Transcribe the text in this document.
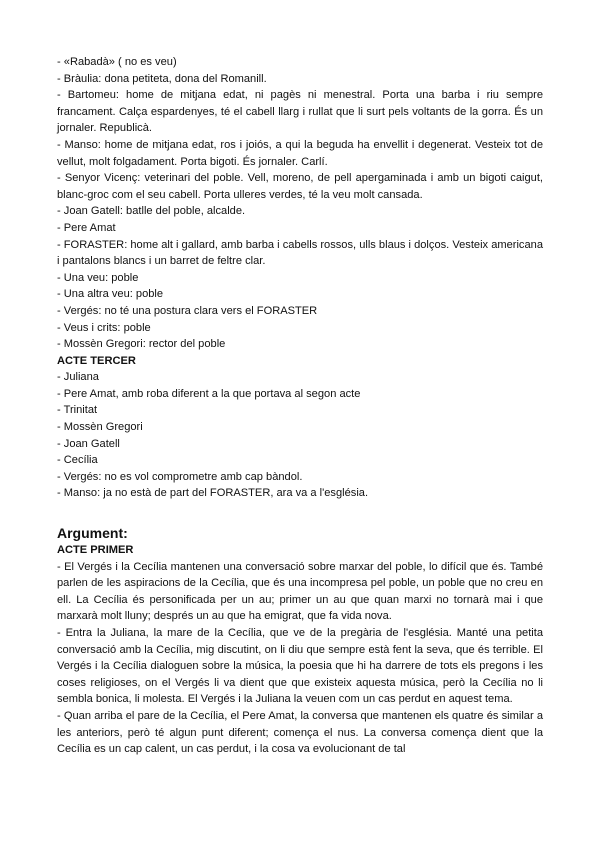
- «Rabadà» ( no es veu)

- Bràulia: dona petiteta, dona del Romanill.

- Bartomeu: home de mitjana edat, ni pagès ni menestral. Porta una barba i riu sempre francament. Calça espardenyes, té el cabell llarg i rullat que li surt pels voltants de la gorra. És un jornaler. Republicà.

- Manso: home de mitjana edat, ros i joiós, a qui la beguda ha envellit i degenerat. Vesteix tot de vellut, molt folgadament. Porta bigoti. És jornaler. Carlí.

- Senyor Vicenç: veterinari del poble. Vell, moreno, de pell apergaminada i amb un bigoti caigut, blanc-groc com el seu cabell. Porta ulleres verdes, té la veu molt cansada.

- Joan Gatell: batlle del poble, alcalde.

- Pere Amat

- FORASTER: home alt i gallard, amb barba i cabells rossos, ulls blaus i dolços. Vesteix americana i pantalons blancs i un barret de feltre clar.

- Una veu: poble

- Una altra veu: poble

- Vergés: no té una postura clara vers el FORASTER

- Veus i crits: poble

- Mossèn Gregori: rector del poble

ACTE TERCER

- Juliana

- Pere Amat, amb roba diferent a la que portava al segon acte

- Trinitat

- Mossèn Gregori

- Joan Gatell

- Cecília

- Vergés: no es vol comprometre amb cap bàndol.

- Manso: ja no està de part del FORASTER, ara va a l'església.

Argument:

ACTE PRIMER

- El Vergés i la Cecília mantenen una conversació sobre marxar del poble, lo difícil que és. També parlen de les aspiracions de la Cecília, que és una incompresa pel poble, un poble que no creu en ell. La Cecília és personificada per un au; primer un au que quan marxi no tornarà mai i que marxarà molt lluny; després un au que ha emigrat, que fa vida nova.

- Entra la Juliana, la mare de la Cecília, que ve de la pregària de l'església. Manté una petita conversació amb la Cecília, mig discutint, on li diu que sempre està fent la seva, que és terrible. El Vergés i la Cecília dialoguen sobre la música, la poesia que hi ha darrere de tots els pregons i les coses religioses, on el Vergés li va dient que que existeix aquesta música, però la Cecília no li sembla bonica, li molesta. El Vergés i la Juliana la veuen com un cas perdut en aquest tema.

- Quan arriba el pare de la Cecília, el Pere Amat, la conversa que mantenen els quatre és similar a les anteriors, però té algun punt diferent; comença el nus. La conversa comença dient que la Cecília es un cap calent, un cas perdut, i la cosa va evolucionant de tal
